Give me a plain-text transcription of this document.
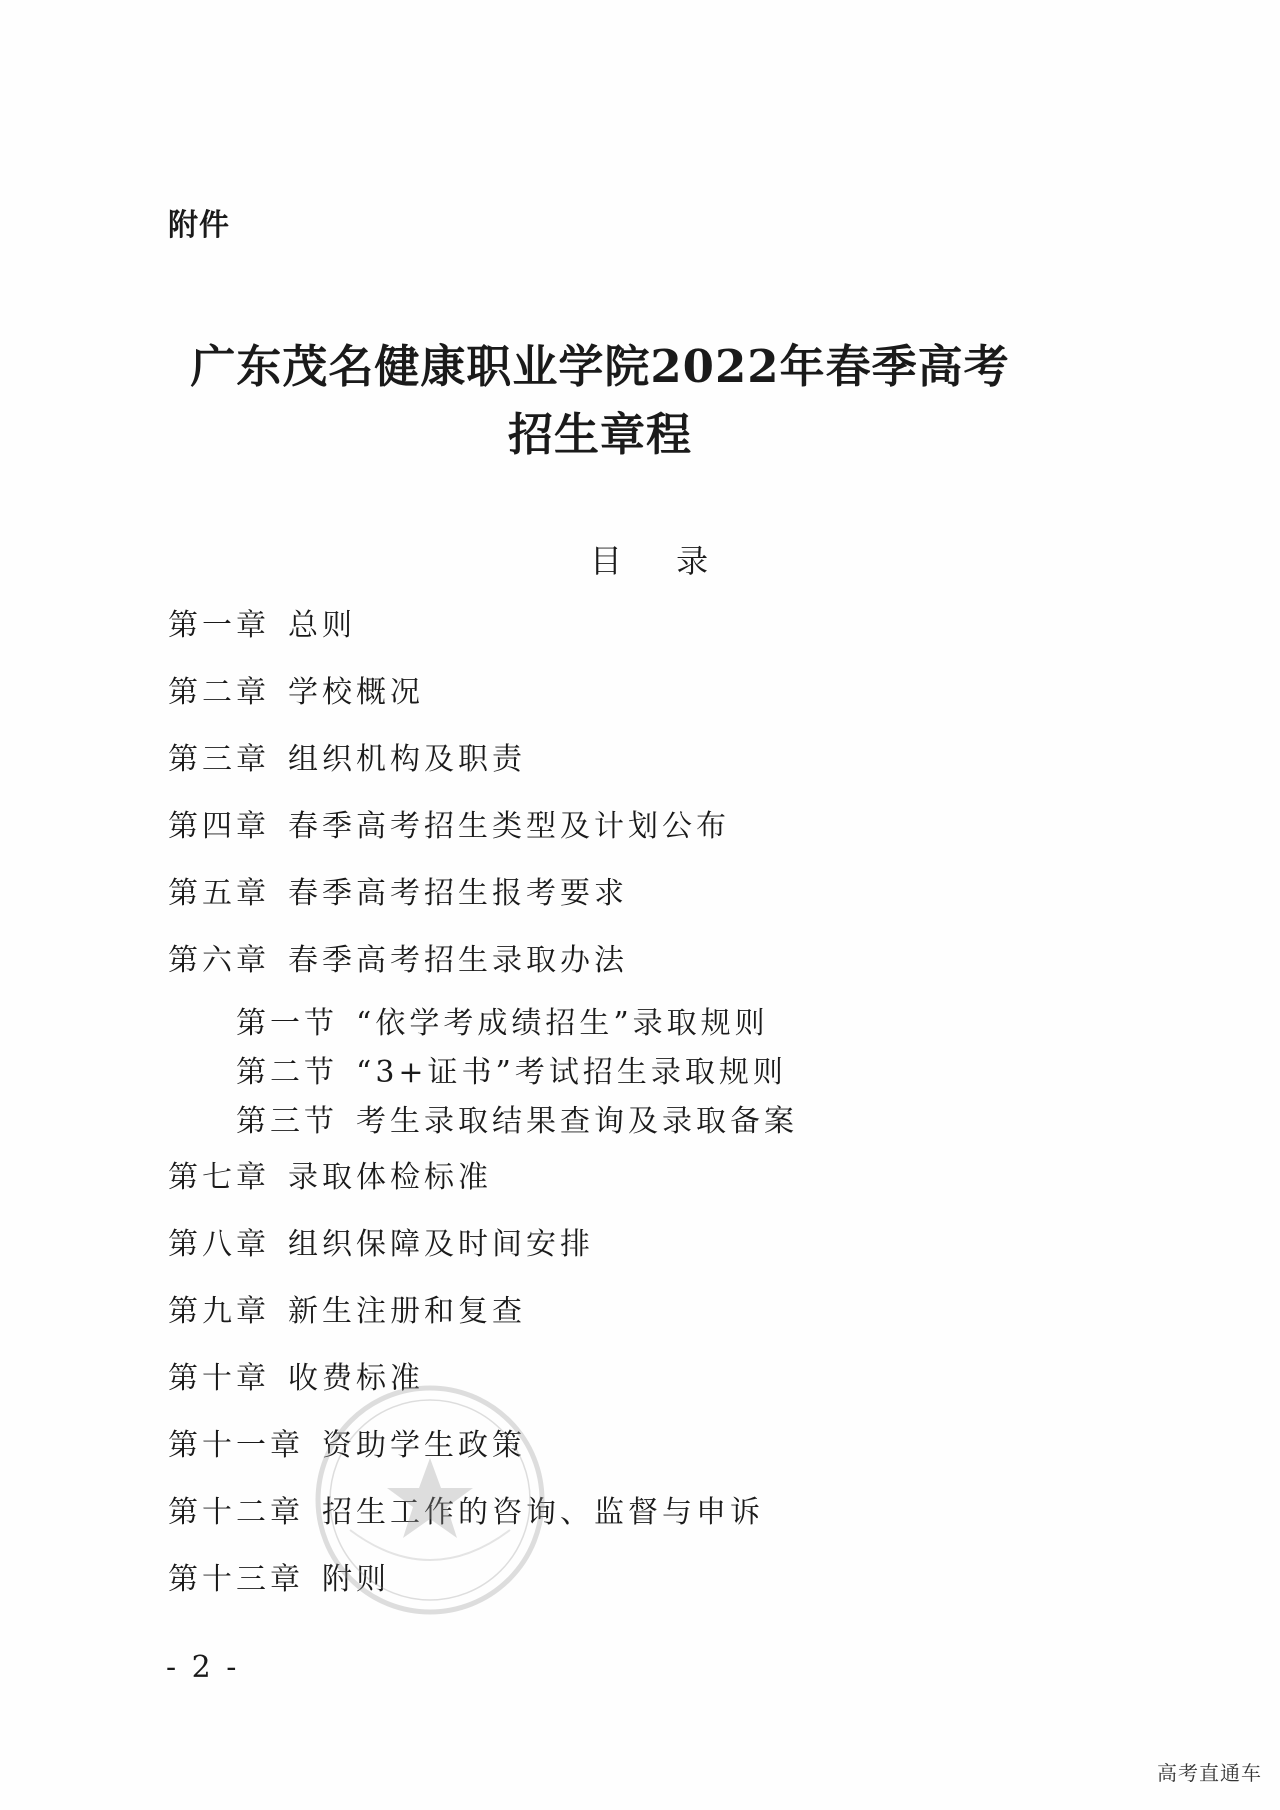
附件
广东茂名健康职业学院2022年春季高考
招生章程
目 录
第一章 总则
第二章 学校概况
第三章 组织机构及职责
第四章 春季高考招生类型及计划公布
第五章 春季高考招生报考要求
第六章 春季高考招生录取办法
第一节 “依学考成绩招生”录取规则
第二节 “3+证书”考试招生录取规则
第三节 考生录取结果查询及录取备案
第七章 录取体检标准
第八章 组织保障及时间安排
第九章 新生注册和复查
第十章 收费标准
第十一章 资助学生政策
第十二章 招生工作的咨询、监督与申诉
第十三章 附则
- 2 -
高考直通车
